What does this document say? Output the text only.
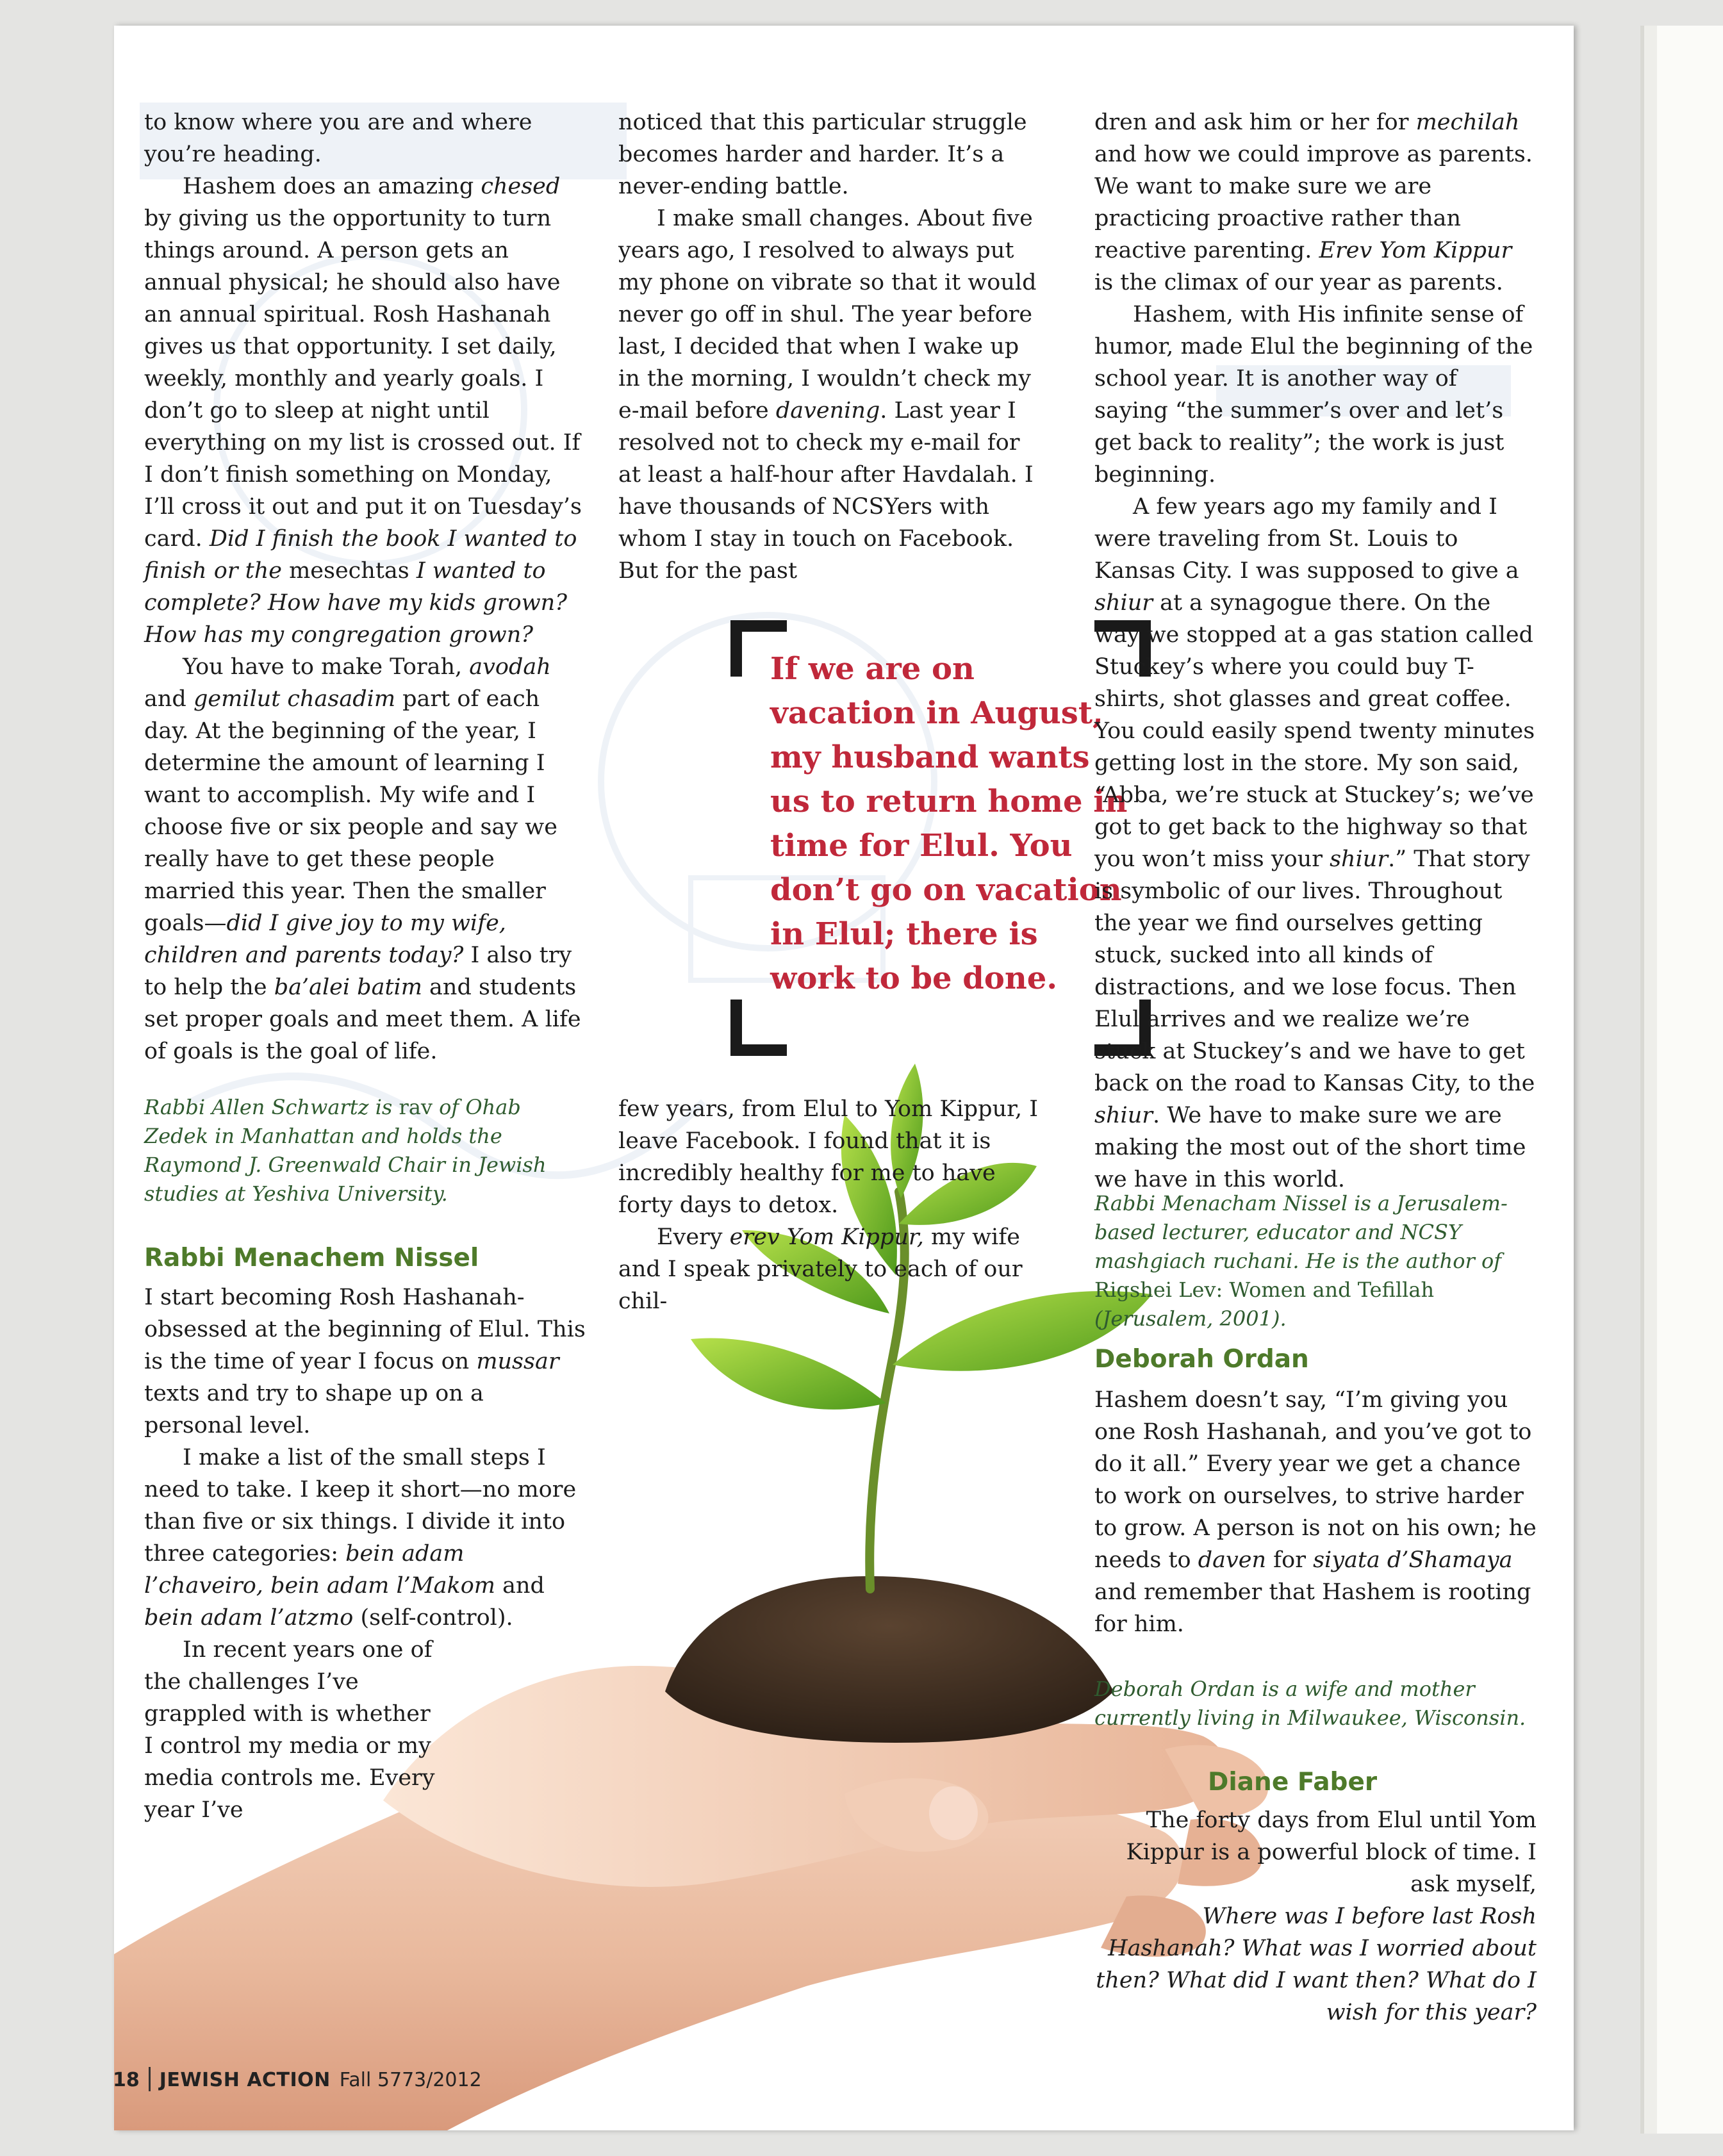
to know where you are and where you’re heading.

Hashem does an amazing chesed by giving us the opportunity to turn things around. A person gets an annual physical; he should also have an annual spiritual. Rosh Hashanah gives us that opportunity. I set daily, weekly, monthly and yearly goals. I don’t go to sleep at night until everything on my list is crossed out. If I don’t finish something on Monday, I’ll cross it out and put it on Tuesday’s card. Did I finish the book I wanted to finish or the mesechtas I wanted to complete? How have my kids grown? How has my congregation grown?

You have to make Torah, avodah and gemilut chasadim part of each day. At the beginning of the year, I determine the amount of learning I want to accomplish. My wife and I choose five or six people and say we really have to get these people married this year. Then the smaller goals—did I give joy to my wife, children and parents today? I also try to help the ba’alei batim and students set proper goals and meet them. A life of goals is the goal of life.

Rabbi Allen Schwartz is rav of Ohab Zedek in Manhattan and holds the Raymond J. Greenwald Chair in Jewish studies at Yeshiva University.
Rabbi Menachem Nissel

I start becoming Rosh Hashanah-obsessed at the beginning of Elul. This is the time of year I focus on mussar texts and try to shape up on a personal level.

I make a list of the small steps I need to take. I keep it short—no more than five or six things. I divide it into three categories: bein adam l’chaveiro, bein adam l’Makom and bein adam l’atzmo (self-control).

In recent years one of the challenges I’ve grappled with is whether I control my media or my media controls me. Every year I’ve

noticed that this particular struggle becomes harder and harder. It’s a never-ending battle.

I make small changes. About five years ago, I resolved to always put my phone on vibrate so that it would never go off in shul. The year before last, I decided that when I wake up in the morning, I wouldn’t check my e-mail before davening. Last year I resolved not to check my e-mail for at least a half-hour after Havdalah. I have thousands of NCSYers with whom I stay in touch on Facebook. But for the past

If we are on vacation in August, my husband wants us to return home in time for Elul. You don’t go on vacation in Elul; there is work to be done.

few years, from Elul to Yom Kippur, I leave Facebook. I found that it is incredibly healthy for me to have forty days to detox.

Every erev Yom Kippur, my wife and I speak privately to each of our chil-

dren and ask him or her for mechilah and how we could improve as parents. We want to make sure we are practicing proactive rather than reactive parenting. Erev Yom Kippur is the climax of our year as parents.

Hashem, with His infinite sense of humor, made Elul the beginning of the school year. It is another way of saying “the summer’s over and let’s get back to reality”; the work is just beginning.

A few years ago my family and I were traveling from St. Louis to Kansas City. I was supposed to give a shiur at a synagogue there. On the way we stopped at a gas station called Stuckey’s where you could buy T-shirts, shot glasses and great coffee. You could easily spend twenty minutes getting lost in the store. My son said, “Abba, we’re stuck at Stuckey’s; we’ve got to get back to the highway so that you won’t miss your shiur.” That story is symbolic of our lives. Throughout the year we find ourselves getting stuck, sucked into all kinds of distractions, and we lose focus. Then Elul arrives and we realize we’re stuck at Stuckey’s and we have to get back on the road to Kansas City, to the shiur. We have to make sure we are making the most out of the short time we have in this world.

Rabbi Menacham Nissel is a Jerusalem-based lecturer, educator and NCSY mashgiach ruchani. He is the author of Rigshei Lev: Women and Tefillah (Jerusalem, 2001).
Deborah Ordan

Hashem doesn’t say, “I’m giving you one Rosh Hashanah, and you’ve got to do it all.” Every year we get a chance to work on ourselves, to strive harder to grow. A person is not on his own; he needs to daven for siyata d’Shamaya and remember that Hashem is rooting for him.

Deborah Ordan is a wife and mother currently living in Milwaukee, Wisconsin.
Diane Faber

The forty days from Elul until Yom Kippur is a powerful block of time. I ask myself,

Where was I before last Rosh Hashanah? What was I worried about then? What did I want then? What do I wish for this year?

18 JEWISH ACTION Fall 5773/2012
